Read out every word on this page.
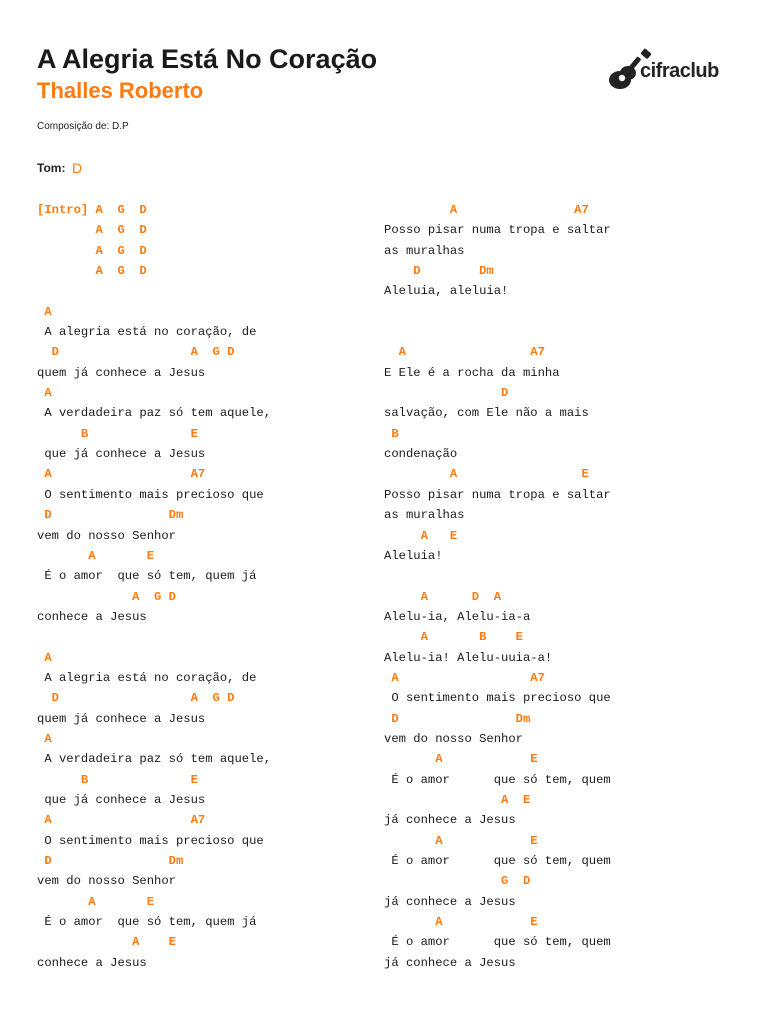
A Alegria Está No Coração
Thalles Roberto
Composição de: D.P
Tom: D
cifraclub
[Intro] A  G  D
A  G  D
A  G  D
A  G  D
A
A alegria está no coração, de
D                  A  G D
quem já conhece a Jesus
A
A verdadeira paz só tem aquele,
B              E
que já conhece a Jesus
A                   A7
O sentimento mais precioso que
D                Dm
vem do nosso Senhor
A       E
É o amor  que só tem, quem já
A  G D
conhece a Jesus
A
A alegria está no coração, de
D                  A  G D
quem já conhece a Jesus
A
A verdadeira paz só tem aquele,
B              E
que já conhece a Jesus
A                   A7
O sentimento mais precioso que
D                Dm
vem do nosso Senhor
A       E
É o amor  que só tem, quem já
A    E
conhece a Jesus
A                A7
Posso pisar numa tropa e saltar
as muralhas
D        Dm
Aleluia, aleluia!
A                 A7
E Ele é a rocha da minha
D
salvação, com Ele não a mais
B
condenação
A                 E
Posso pisar numa tropa e saltar
as muralhas
A   E
Aleluia!
A      D  A
Alelu-ia, Alelu-ia-a
A       B    E
Alelu-ia! Alelu-uuia-a!
A                  A7
O sentimento mais precioso que
D                Dm
vem do nosso Senhor
A            E
É o amor      que só tem, quem
A  E
já conhece a Jesus
A            E
É o amor      que só tem, quem
G  D
já conhece a Jesus
A            E
É o amor      que só tem, quem
já conhece a Jesus
